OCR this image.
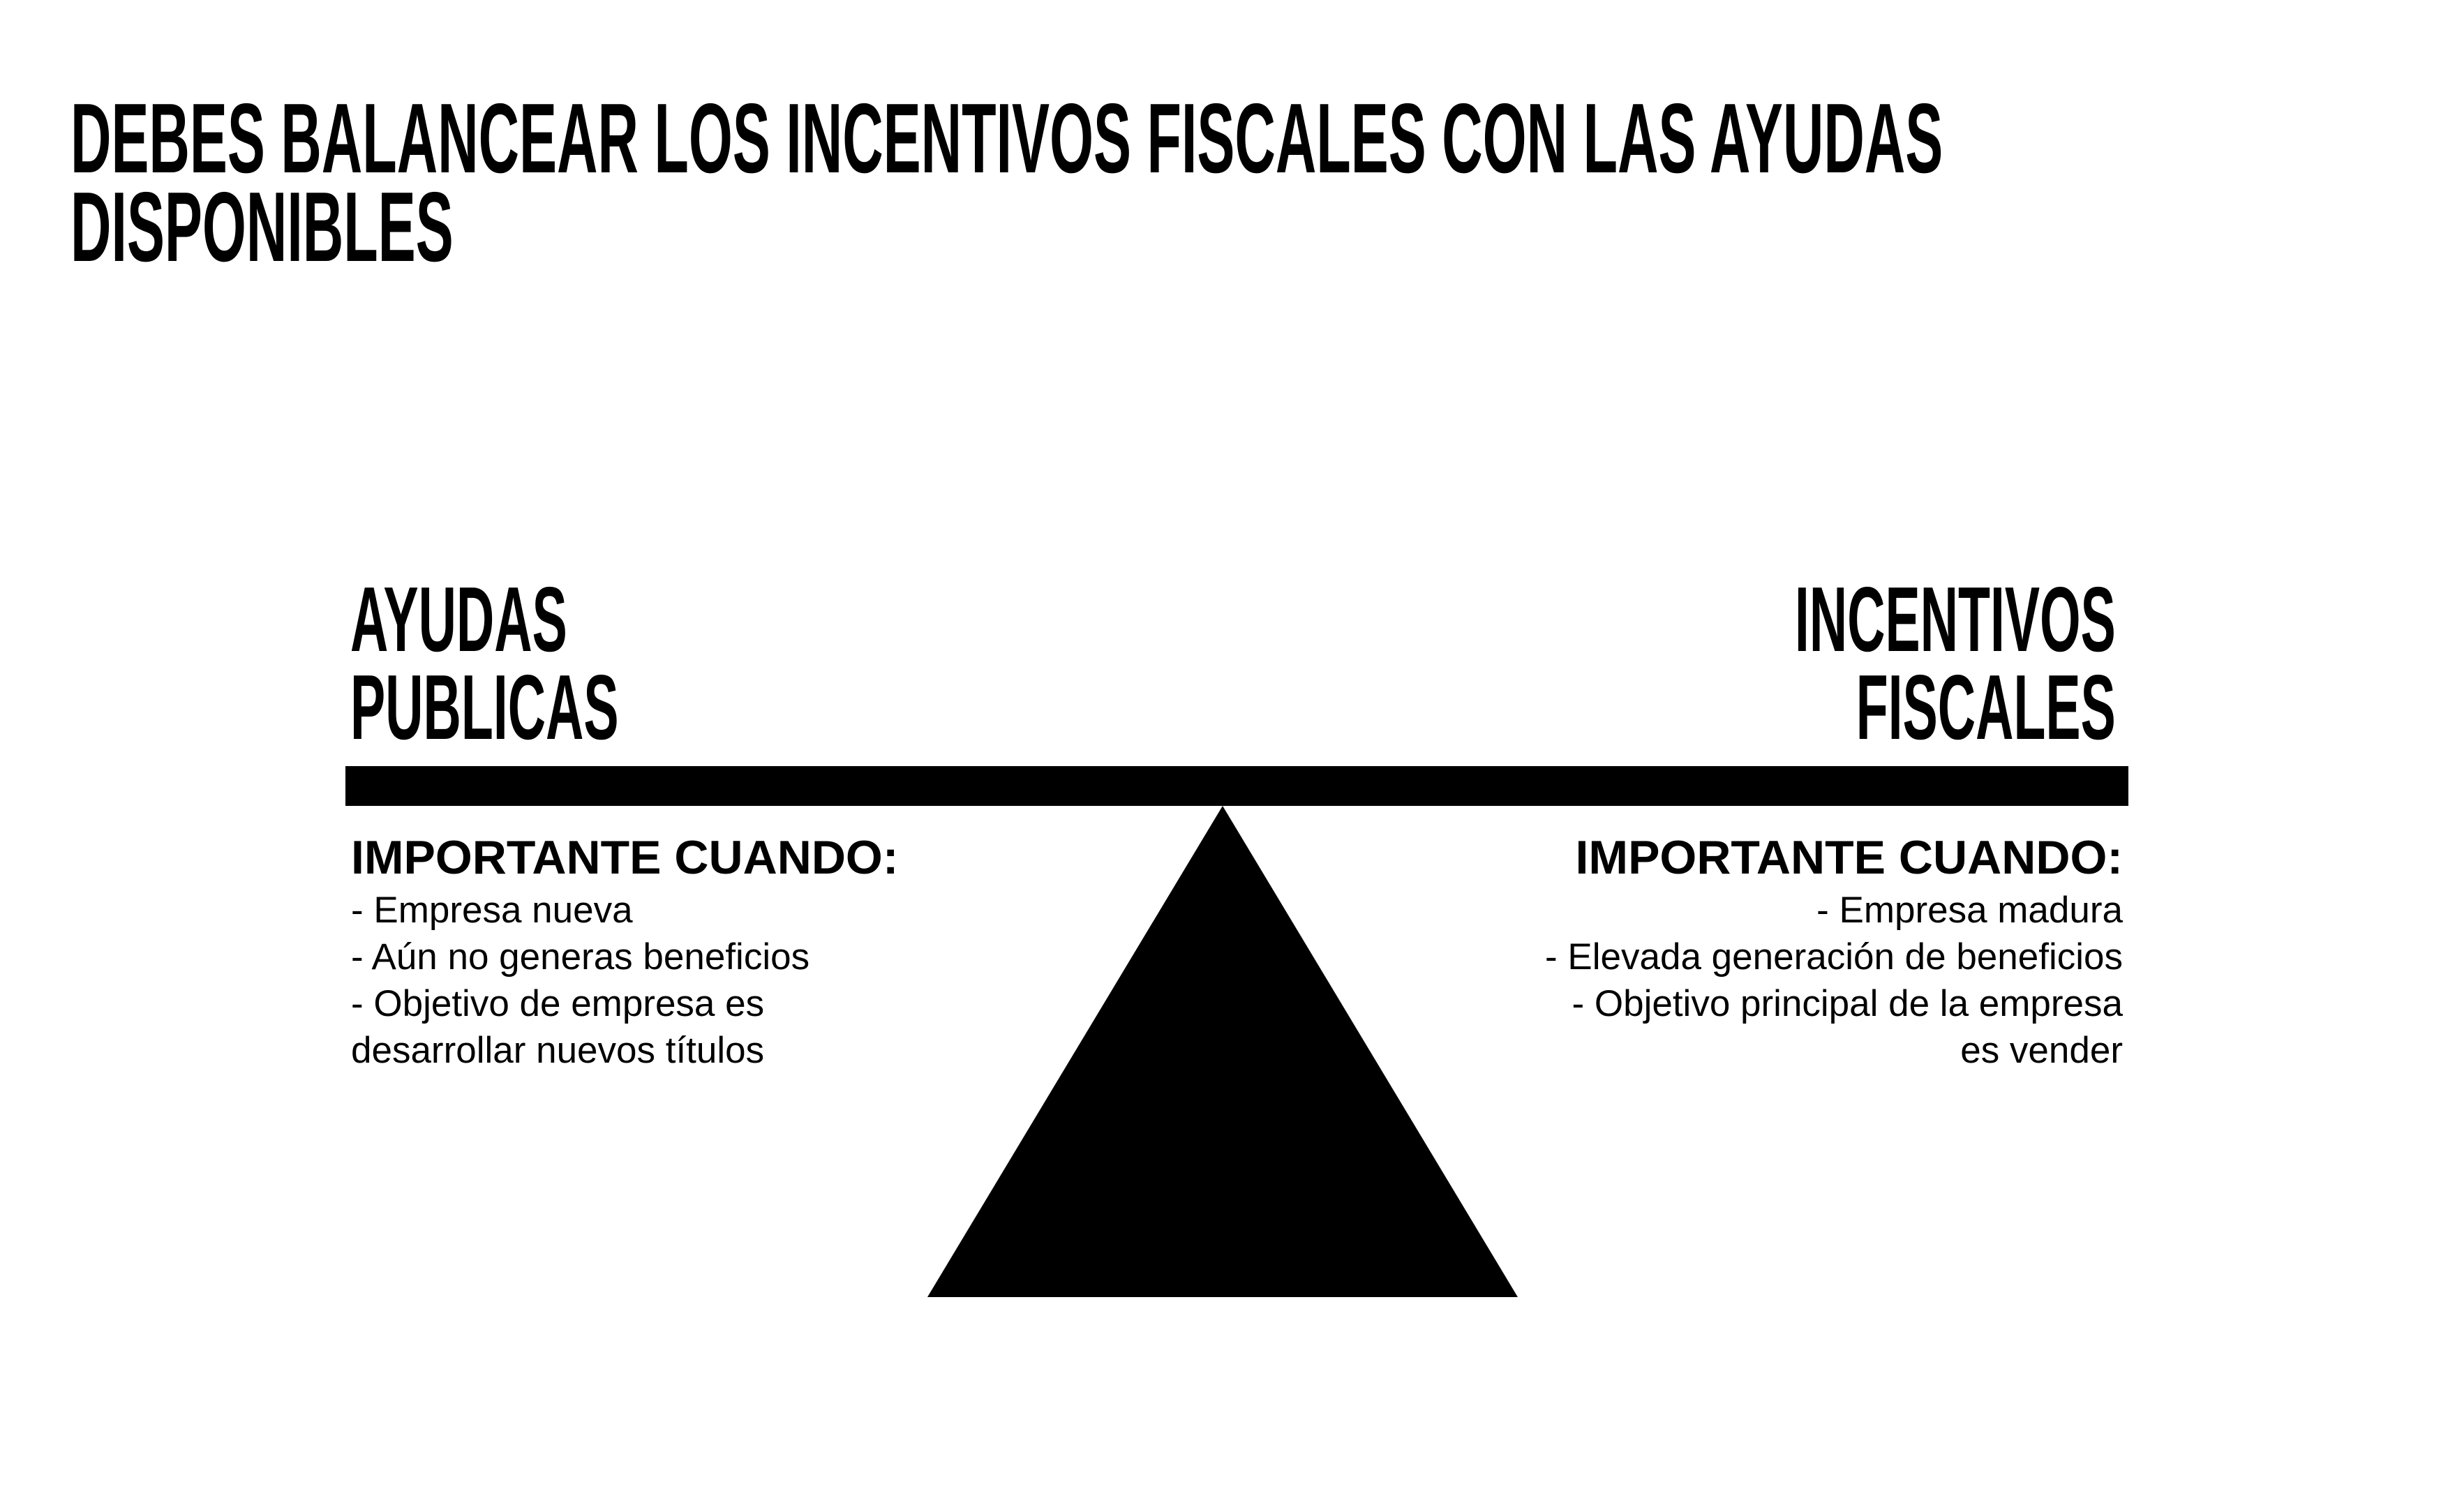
DEBES BALANCEAR LOS INCENTIVOS FISCALES CON LAS AYUDAS
DISPONIBLES
AYUDAS
PUBLICAS
INCENTIVOS
FISCALES
IMPORTANTE CUANDO:
- Empresa nueva
- Aún no generas beneficios
- Objetivo de empresa es
desarrollar nuevos títulos
IMPORTANTE CUANDO:
- Empresa madura
- Elevada generación de beneficios
- Objetivo principal de la empresa
es vender
